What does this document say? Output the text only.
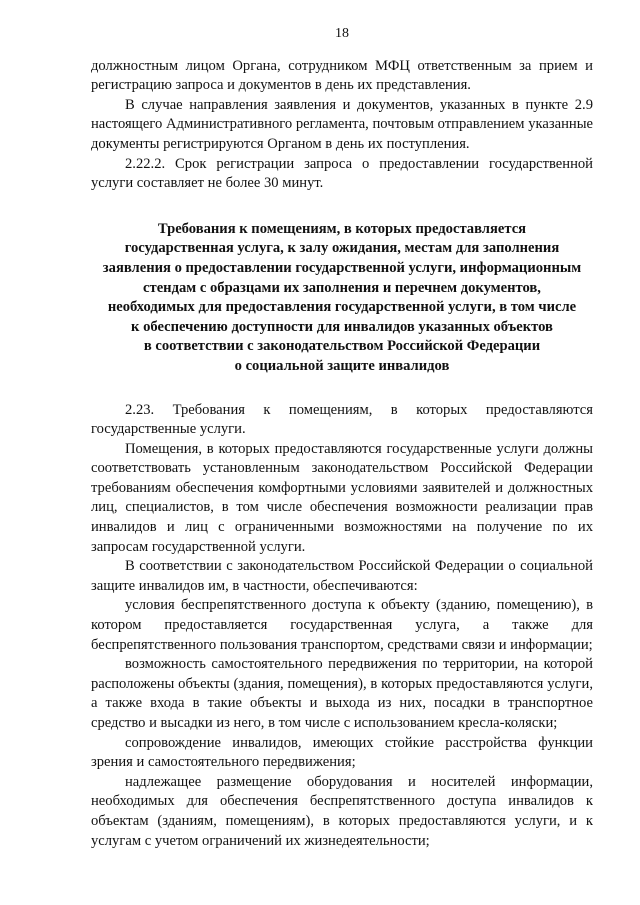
18

должностным лицом Органа, сотрудником МФЦ ответственным за прием и регистрацию запроса и документов в день их представления.

В случае направления заявления и документов, указанных в пункте 2.9 настоящего Административного регламента, почтовым отправлением указанные документы регистрируются Органом в день их поступления.

2.22.2. Срок регистрации запроса о предоставлении государственной услуги составляет не более 30 минут.

Требования к помещениям, в которых предоставляется
государственная услуга, к залу ожидания, местам для заполнения
заявления о предоставлении государственной услуги, информационным
стендам с образцами их заполнения и перечнем документов,
необходимых для предоставления государственной услуги, в том числе
к обеспечению доступности для инвалидов указанных объектов
в соответствии с законодательством Российской Федерации
о социальной защите инвалидов

2.23. Требования к помещениям, в которых предоставляются государственные услуги.

Помещения, в которых предоставляются государственные услуги должны соответствовать установленным законодательством Российской Федерации требованиям обеспечения комфортными условиями заявителей и должностных лиц, специалистов, в том числе обеспечения возможности реализации прав инвалидов и лиц с ограниченными возможностями на получение по их запросам государственной услуги.

В соответствии с законодательством Российской Федерации о социальной защите инвалидов им, в частности, обеспечиваются:

условия беспрепятственного доступа к объекту (зданию, помещению), в котором предоставляется государственная услуга, а также для беспрепятственного пользования транспортом, средствами связи и информации;

возможность самостоятельного передвижения по территории, на которой расположены объекты (здания, помещения), в которых предоставляются услуги, а также входа в такие объекты и выхода из них, посадки в транспортное средство и высадки из него, в том числе с использованием кресла-коляски;

сопровождение инвалидов, имеющих стойкие расстройства функции зрения и самостоятельного передвижения;

надлежащее размещение оборудования и носителей информации, необходимых для обеспечения беспрепятственного доступа инвалидов к объектам (зданиям, помещениям), в которых предоставляются услуги, и к услугам с учетом ограничений их жизнедеятельности;
